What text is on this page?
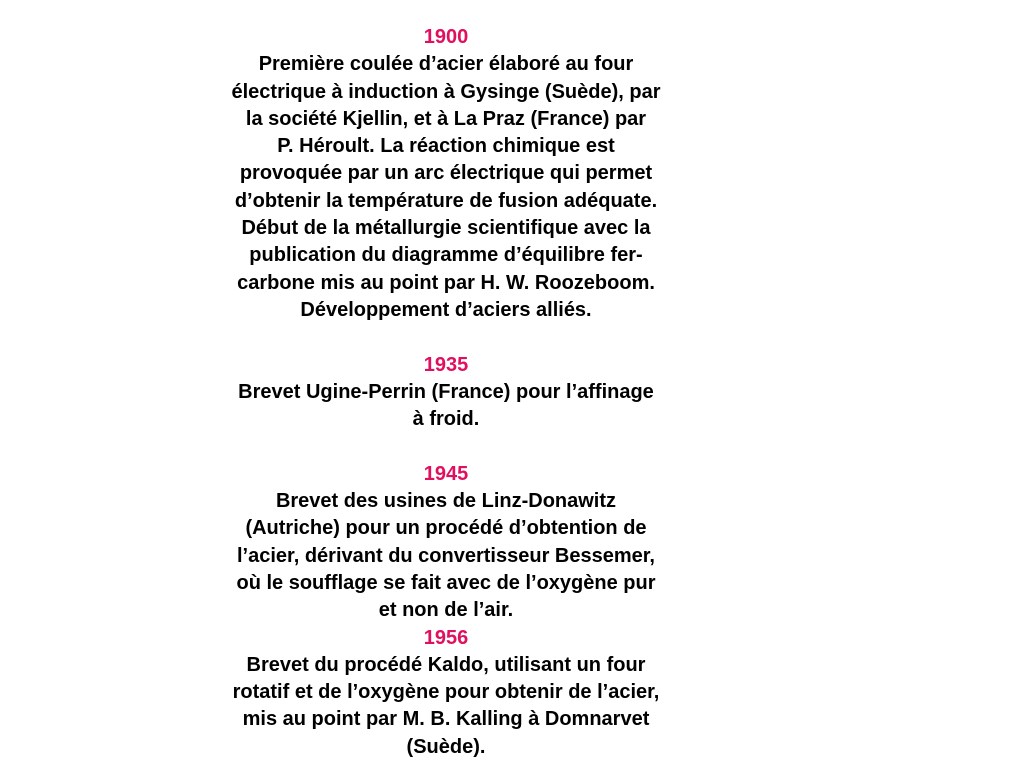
1900
Première coulée d’acier élaboré au four
électrique à induction à Gysinge (Suède), par
la société Kjellin, et à La Praz (France) par
P. Héroult. La réaction chimique est
provoquée par un arc électrique qui permet
d’obtenir la température de fusion adéquate.
Début de la métallurgie scientifique avec la
publication du diagramme d’équilibre fer-
carbone mis au point par H. W. Roozeboom.
Développement d’aciers alliés.
1935
Brevet Ugine-Perrin (France) pour l’affinage
à froid.
1945
Brevet des usines de Linz-Donawitz
(Autriche) pour un procédé d’obtention de
l’acier, dérivant du convertisseur Bessemer,
où le soufflage se fait avec de l’oxygène pur
et non de l’air.
1956
Brevet du procédé Kaldo, utilisant un four
rotatif et de l’oxygène pour obtenir de l’acier,
mis au point par M. B. Kalling à Domnarvet
(Suède).
